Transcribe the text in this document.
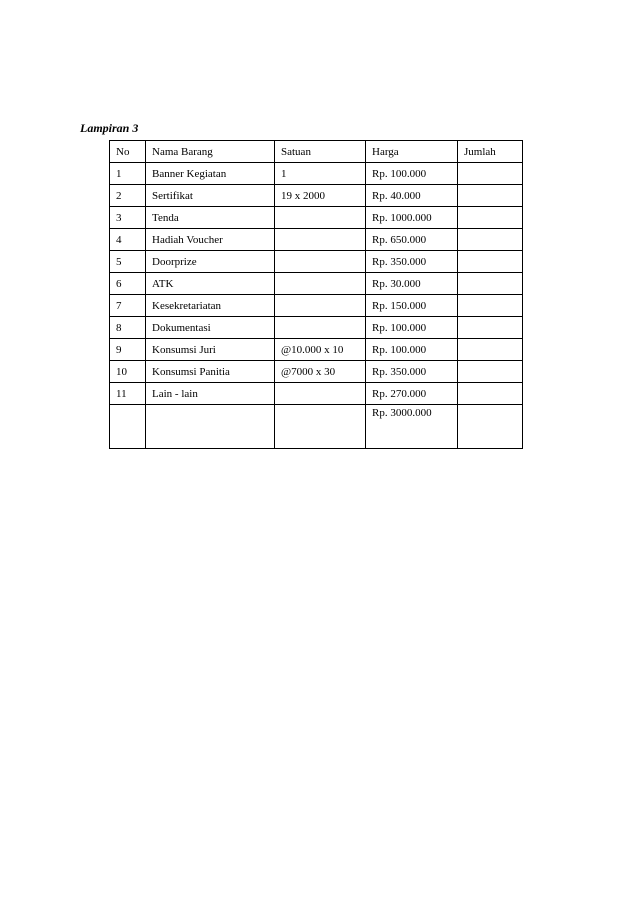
Lampiran 3

No	Nama Barang	Satuan	Harga	Jumlah
1	Banner Kegiatan	1	Rp. 100.000	
2	Sertifikat	19 x 2000	Rp. 40.000	
3	Tenda		Rp. 1000.000	
4	Hadiah Voucher		Rp. 650.000	
5	Doorprize		Rp. 350.000	
6	ATK		Rp. 30.000	
7	Kesekretariatan		Rp. 150.000	
8	Dokumentasi		Rp. 100.000	
9	Konsumsi Juri	@10.000 x 10	Rp. 100.000	
10	Konsumsi Panitia	@7000 x 30	Rp. 350.000	
11	Lain - lain		Rp. 270.000	
			Rp. 3000.000	
